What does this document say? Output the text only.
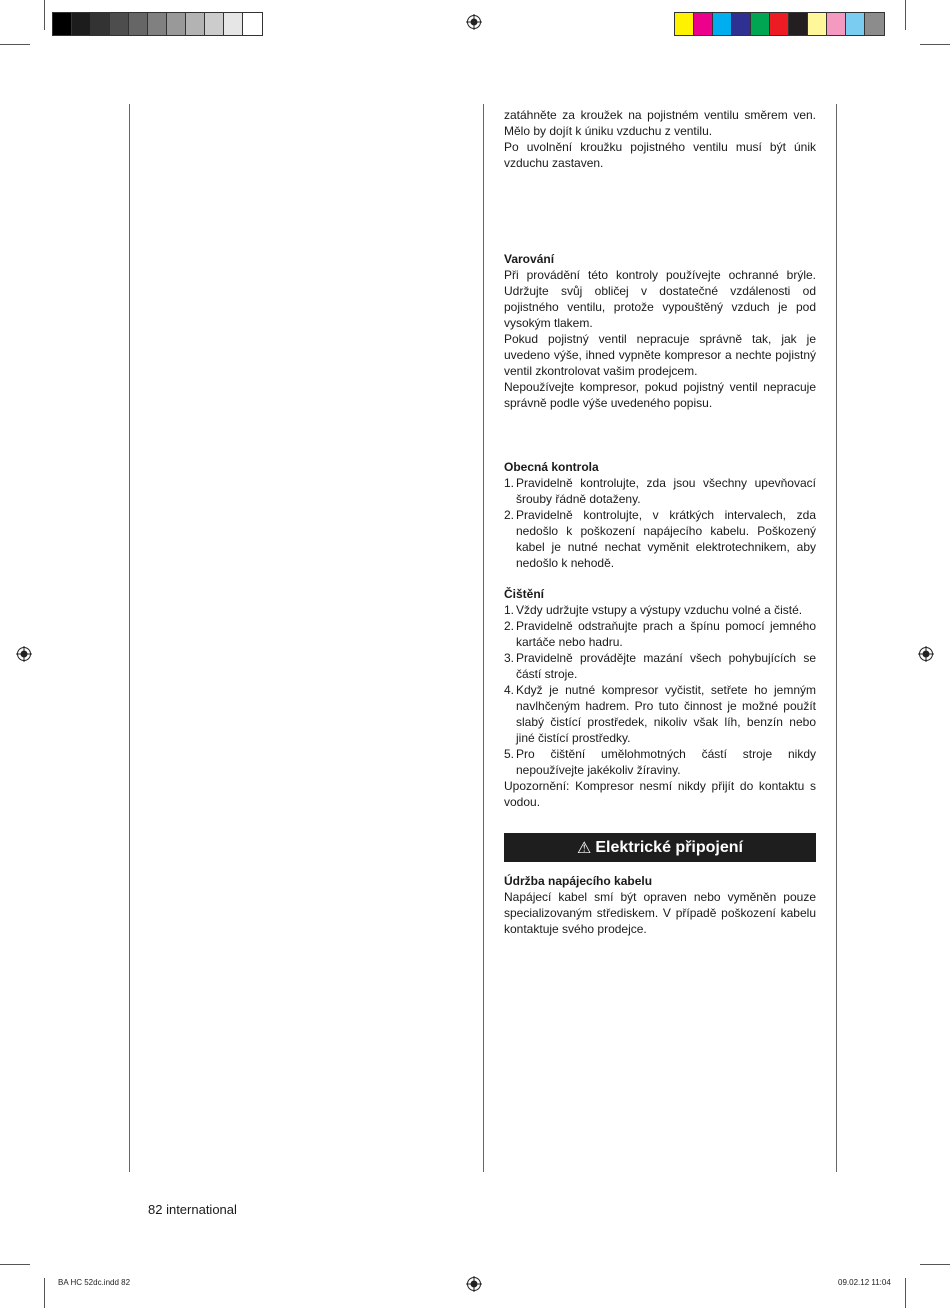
zatáhněte za kroužek na pojistném ventilu směrem ven. Mělo by dojít k úniku vzduchu z ventilu.

Po uvolnění kroužku pojistného ventilu musí být únik vzduchu zastaven.

Varování

Při provádění této kontroly používejte ochranné brýle. Udržujte svůj obličej v dostatečné vzdálenosti od pojistného ventilu, protože vypouštěný vzduch je pod vysokým tlakem.

Pokud pojistný ventil nepracuje správně tak, jak je uvedeno výše, ihned vypněte kompresor a nechte pojistný ventil zkontrolovat vašim prodejcem.

Nepoužívejte kompresor, pokud pojistný ventil nepracuje správně podle výše uvedeného popisu.

Obecná kontrola

1. Pravidelně kontrolujte, zda jsou všechny upevňovací šrouby řádně dotaženy.
2. Pravidelně kontrolujte, v krátkých intervalech, zda nedošlo k poškození napájecího kabelu. Poškozený kabel je nutné nechat vyměnit elektrotechnikem, aby nedošlo k nehodě.

Čištění

1. Vždy udržujte vstupy a výstupy vzduchu volné a čisté.
2. Pravidelně odstraňujte prach a špínu pomocí jemného kartáče nebo hadru.
3. Pravidelně provádějte mazání všech pohybujících se částí stroje.
4. Když je nutné kompresor vyčistit, setřete ho jemným navlhčeným hadrem. Pro tuto činnost je možné použít slabý čistící prostředek, nikoliv však líh, benzín nebo jiné čistící prostředky.
5. Pro čištění umělohmotných částí stroje nikdy nepoužívejte jakékoliv žíraviny.

Upozornění: Kompresor nesmí nikdy přijít do kontaktu s vodou.

⚠ Elektrické připojení

Údržba napájecího kabelu

Napájecí kabel smí být opraven nebo vyměněn pouze specializovaným střediskem. V případě poškození kabelu kontaktuje svého prodejce.

82 international
BA HC 52dc.indd 82	09.02.12 11:04
